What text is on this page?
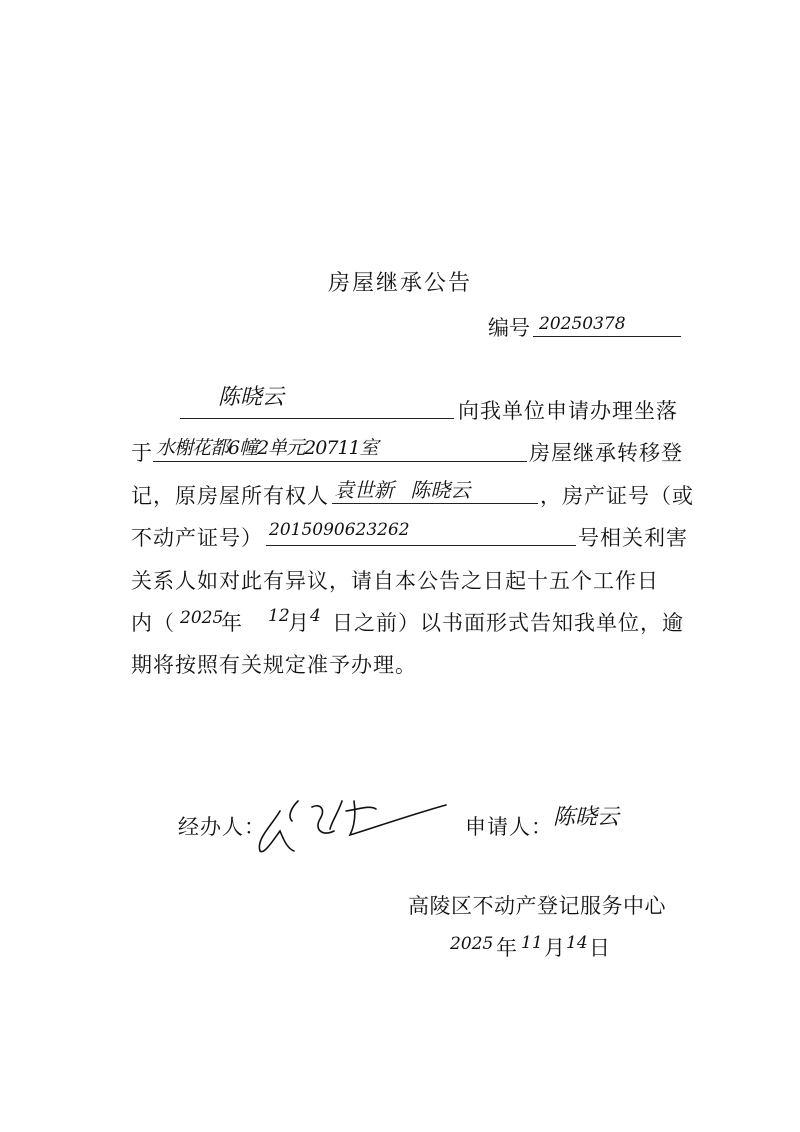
房屋继承公告
编号 20250378
陈晓云
向我单位申请办理坐落
于 水榭花都6幢2单元20711室	房屋继承转移登
记，原房屋所有权人 袁世新 陈晓云	，房产证号（或
不动产证号） 2015090623262	号相关利害
关系人如对此有异议，请自本公告之日起十五个工作日
内（ 2025
年 12
月 4 日之前）以书面形式告知我单位，逾
期将按照有关规定准予办理。
经办人：	申请人： 陈晓云
高陵区不动产登记服务中心
2025 年 11 月 14 日
